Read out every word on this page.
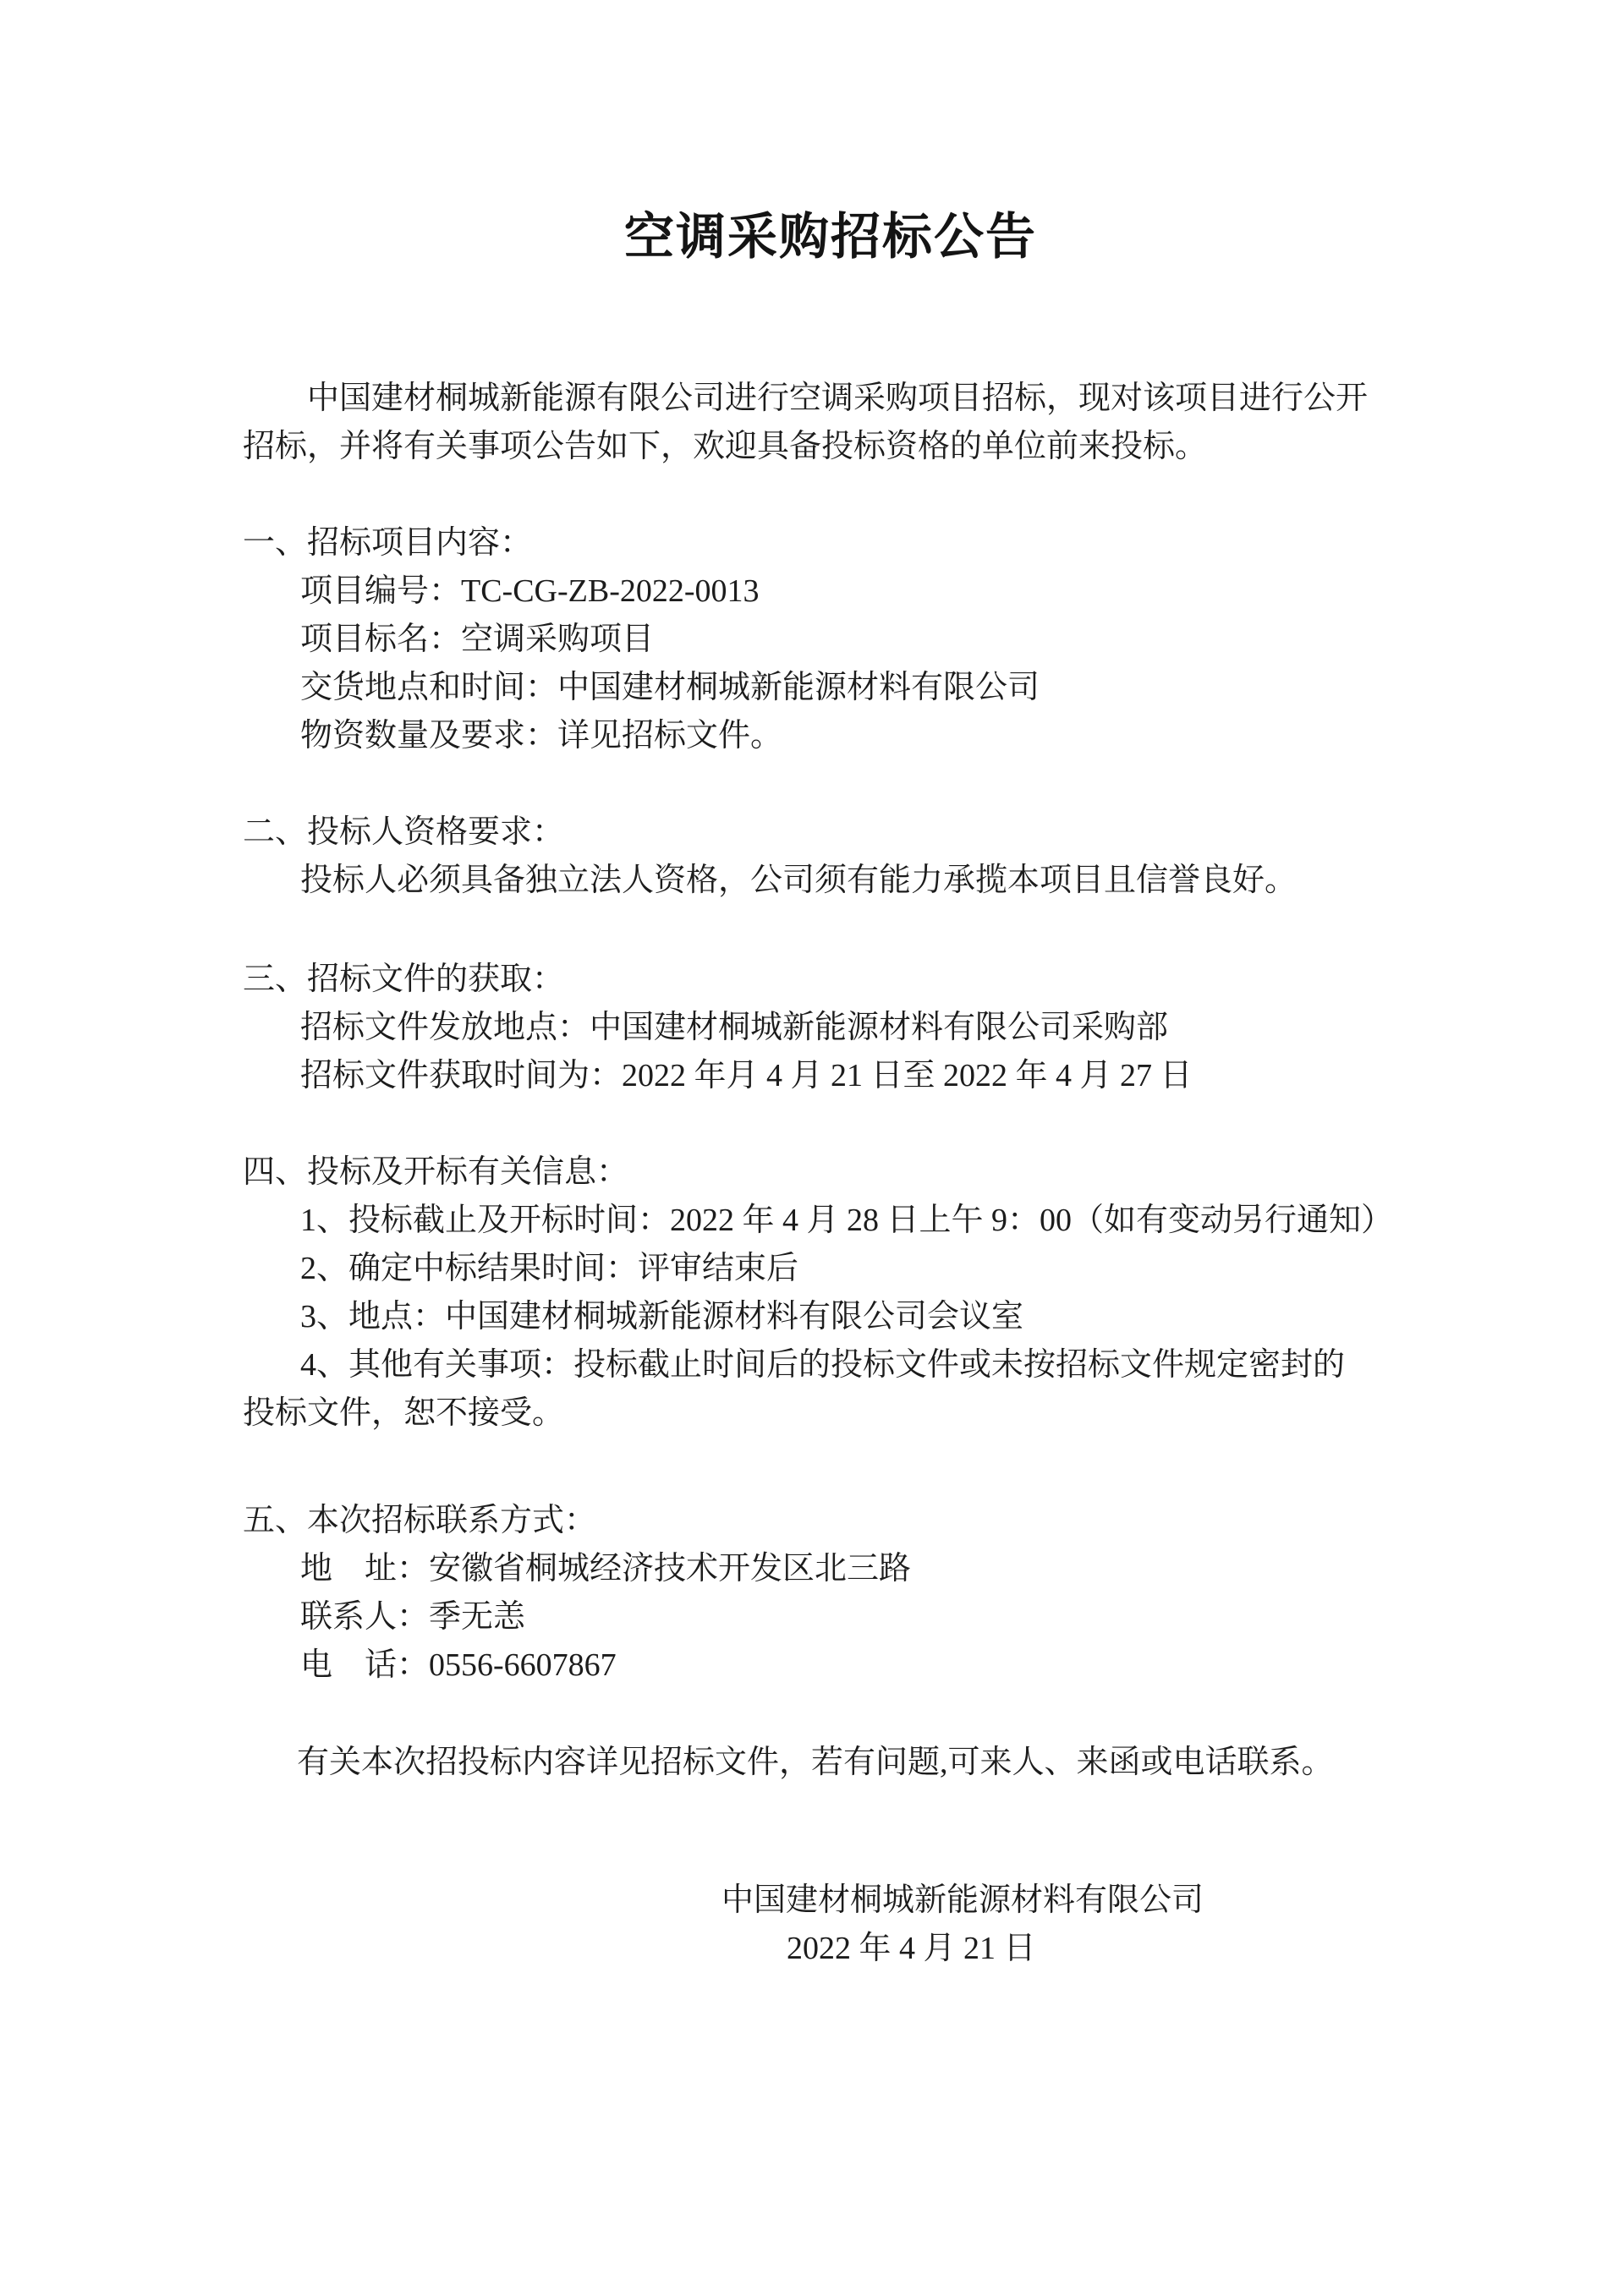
空调采购招标公告
中国建材桐城新能源有限公司进行空调采购项目招标，现对该项目进行公开
招标，并将有关事项公告如下，欢迎具备投标资格的单位前来投标。
一、招标项目内容：
项目编号：TC-CG-ZB-2022-0013
项目标名：空调采购项目
交货地点和时间：中国建材桐城新能源材料有限公司
物资数量及要求：详见招标文件。
二、投标人资格要求：
投标人必须具备独立法人资格，公司须有能力承揽本项目且信誉良好。
三、招标文件的获取：
招标文件发放地点：中国建材桐城新能源材料有限公司采购部
招标文件获取时间为：2022 年月 4 月 21 日至 2022 年 4 月 27 日
四、投标及开标有关信息：
1、投标截止及开标时间：2022 年 4 月 28 日上午 9：00（如有变动另行通知）
2、确定中标结果时间：评审结束后
3、地点：中国建材桐城新能源材料有限公司会议室
4、其他有关事项：投标截止时间后的投标文件或未按招标文件规定密封的
投标文件，恕不接受。
五、本次招标联系方式：
地　址：安徽省桐城经济技术开发区北三路
联系人：季无恙
电　话：0556-6607867
有关本次招投标内容详见招标文件，若有问题,可来人、来函或电话联系。
中国建材桐城新能源材料有限公司
2022 年 4 月 21 日
